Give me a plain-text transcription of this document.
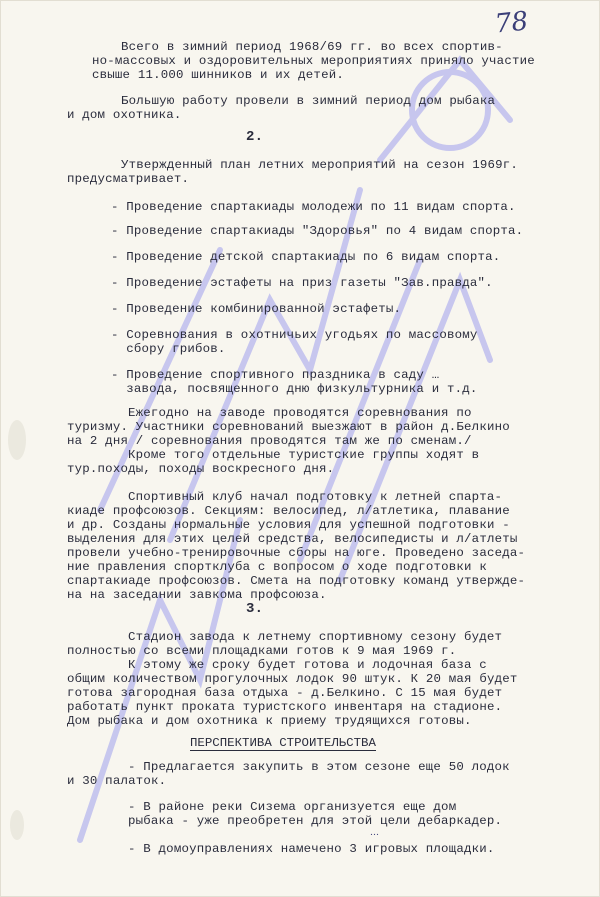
78
Всего в зимний период 1968/69 гг. во всех спортив-
но-массовых и оздоровительных мероприятиях приняло участие
свыше 11.000 шинников и их детей.
Большую работу провели в зимний период дом рыбака
и дом охотника.
2.
Утвержденный план летних мероприятий на сезон 1969г.
предусматривает.
- Проведение спартакиады молодежи по 11 видам спорта.
- Проведение спартакиады "Здоровья" по 4 видам спорта.
- Проведение детской спартакиады по 6 видам спорта.
- Проведение эстафеты на приз газеты "Зав.правда".
- Проведение комбинированной эстафеты.
- Соревнования в охотничьих угодьях по массовому
сбору грибов.
- Проведение спортивного праздника в саду …
завода, посвященного дню физкультурника и т.д.
Ежегодно на заводе проводятся соревнования по
туризму. Участники соревнований выезжают в район д.Белкино
на 2 дня / соревнования проводятся там же по сменам./
Кроме того отдельные туристские группы ходят в
тур.походы, походы воскресного дня.
Спортивный клуб начал подготовку к летней спарта-
киаде профсоюзов. Секциям: велосипед, л/атлетика, плавание
и др. Созданы нормальные условия для успешной подготовки -
выделения для этих целей средства, велосипедисты и л/атлеты
провели учебно-тренировочные сборы на юге. Проведено заседа-
ние правления спортклуба с вопросом о ходе подготовки к
спартакиаде профсоюзов. Смета на подготовку команд утвержде-
на на заседании завкома профсоюза.
3.
Стадион завода к летнему спортивному сезону будет
полностью со всеми площадками готов к 9 мая 1969 г.
К этому же сроку будет готова и лодочная база с
общим количеством прогулочных лодок 90 штук. К 20 мая будет
готова загородная база отдыха - д.Белкино. С 15 мая будет
работать пункт проката туристского инвентаря на стадионе.
Дом рыбака и дом охотника к приему трудящихся готовы.
ПЕРСПЕКТИВА СТРОИТЕЛЬСТВА
- Предлагается закупить в этом сезоне еще 50 лодок
и 30 палаток.
- В районе реки Сизема организуется еще дом
рыбака - уже преобретен для этой цели дебаркадер.
…
- В домоуправлениях намечено 3 игровых площадки.
